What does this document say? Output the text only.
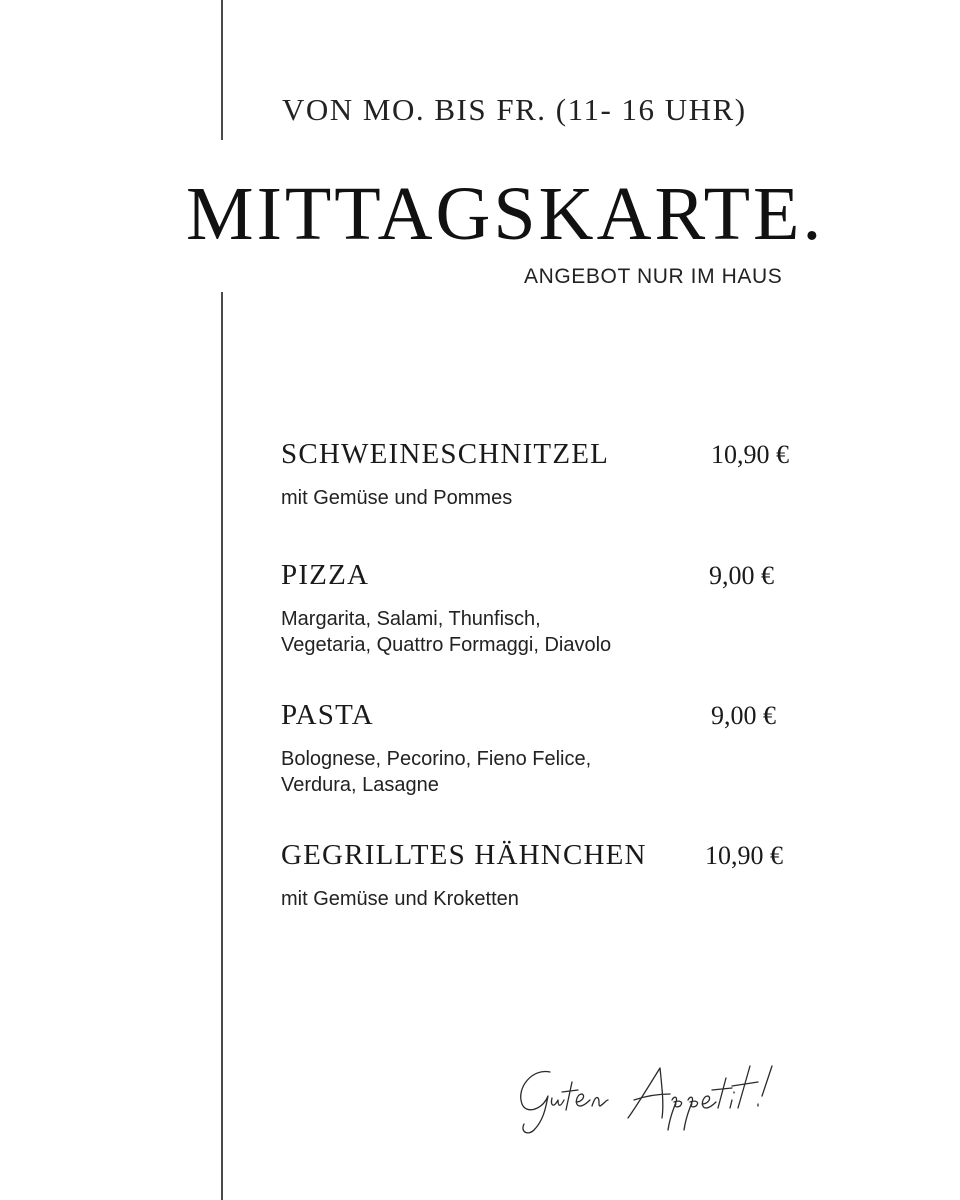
VON MO. BIS FR. (11- 16 UHR)
MITTAGSKARTE.
ANGEBOT NUR IM HAUS
SCHWEINESCHNITZEL	10,90 €
mit Gemüse und Pommes
PIZZA	9,00 €
Margarita, Salami, Thunfisch,
Vegetaria, Quattro Formaggi, Diavolo
PASTA	9,00 €
Bolognese, Pecorino, Fieno Felice,
Verdura, Lasagne
GEGRILLTES HÄHNCHEN	10,90 €
mit Gemüse und Kroketten
